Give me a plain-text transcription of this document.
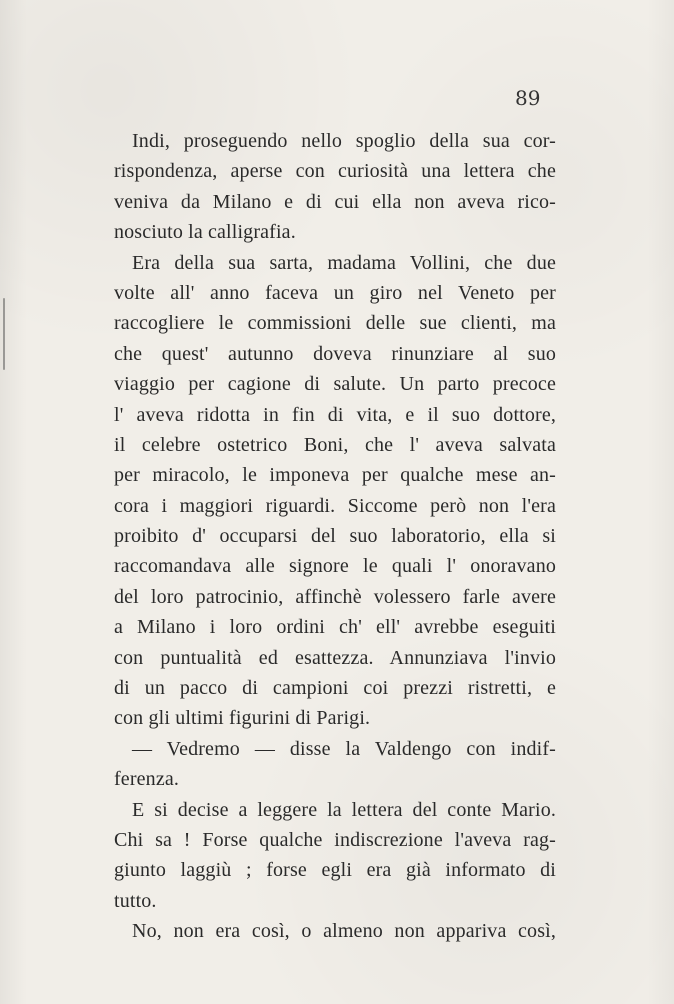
89
Indi, proseguendo nello spoglio della sua cor-
rispondenza, aperse con curiosità una lettera che
veniva da Milano e di cui ella non aveva rico-
nosciuto la calligrafia.
Era della sua sarta, madama Vollini, che due
volte all' anno faceva un giro nel Veneto per
raccogliere le commissioni delle sue clienti, ma
che quest' autunno doveva rinunziare al suo
viaggio per cagione di salute. Un parto precoce
l' aveva ridotta in fin di vita, e il suo dottore,
il celebre ostetrico Boni, che l' aveva salvata
per miracolo, le imponeva per qualche mese an-
cora i maggiori riguardi. Siccome però non l'era
proibito d' occuparsi del suo laboratorio, ella si
raccomandava alle signore le quali l' onoravano
del loro patrocinio, affinchè volessero farle avere
a Milano i loro ordini ch' ell' avrebbe eseguiti
con puntualità ed esattezza. Annunziava l'invio
di un pacco di campioni coi prezzi ristretti, e
con gli ultimi figurini di Parigi.
— Vedremo — disse la Valdengo con indif-
ferenza.
E si decise a leggere la lettera del conte Mario.
Chi sa ! Forse qualche indiscrezione l'aveva rag-
giunto laggiù ; forse egli era già informato di
tutto.
No, non era così, o almeno non appariva così,
